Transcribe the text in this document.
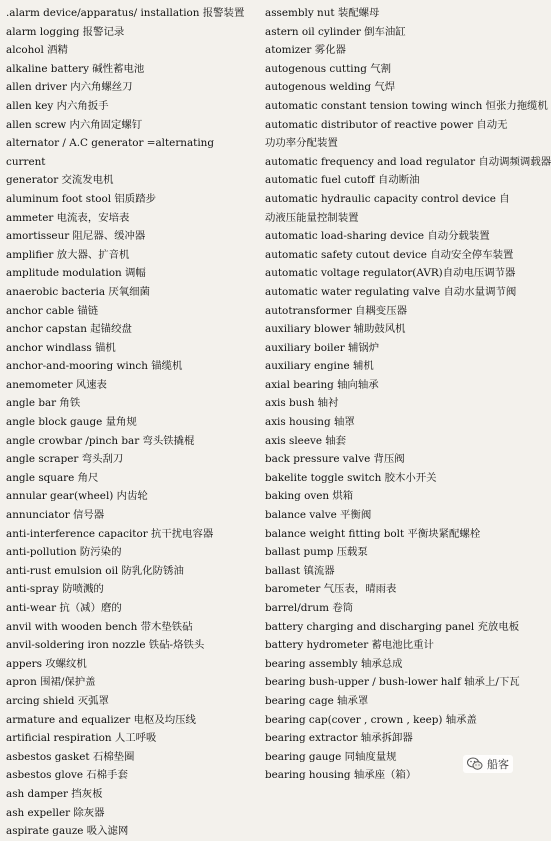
.alarm device/apparatus/ installation 报警装置
alarm logging 报警记录
alcohol 酒精
alkaline battery 碱性蓄电池
allen driver 内六角螺丝刀
allen key 内六角扳手
allen screw 内六角固定螺钉
alternator / A.C generator =alternating current
generator 交流发电机
aluminum foot stool 铝质踏步
ammeter 电流表，安培表
amortisseur 阻尼器、缓冲器
amplifier 放大器、扩音机
amplitude modulation 调幅
anaerobic bacteria 厌氧细菌
anchor cable 锚链
anchor capstan 起锚绞盘
anchor windlass 锚机
anchor-and-mooring winch 锚缆机
anemometer 风速表
angle bar 角铁
angle block gauge 量角规
angle crowbar /pinch bar 弯头铁撬棍
angle scraper 弯头刮刀
angle square 角尺
annular gear(wheel) 内齿轮
annunciator 信号器
anti-interference capacitor 抗干扰电容器
anti-pollution 防污染的
anti-rust emulsion oil 防乳化防锈油
anti-spray 防喷溅的
anti-wear 抗（减）磨的
anvil with wooden bench 带木垫铁砧
anvil-soldering iron nozzle 铁砧-烙铁头
appers 攻螺纹机
apron 围裙/保护盖
arcing shield 灭弧罩
armature and equalizer 电枢及均压线
artificial respiration 人工呼吸
asbestos gasket 石棉垫圈
asbestos glove 石棉手套
ash damper 挡灰板
ash expeller 除灰器
aspirate gauze 吸入滤网
assembly nut 装配螺母
astern oil cylinder 倒车油缸
atomizer 雾化器
autogenous cutting 气割
autogenous welding 气焊
automatic constant tension towing winch 恒张力拖缆机
automatic distributor of reactive power 自动无功功率分配装置
automatic frequency and load regulator 自动调频调载器
automatic fuel cutoff 自动断油
automatic hydraulic capacity control device 自动液压能量控制装置
automatic load-sharing device 自动分载装置
automatic safety cutout device 自动安全停车装置
automatic voltage regulator(AVR)自动电压调节器
automatic water regulating valve 自动水量调节阀
autotransformer 自耦变压器
auxiliary blower 辅助鼓风机
auxiliary boiler 辅锅炉
auxiliary engine 辅机
axial bearing 轴向轴承
axis bush 轴衬
axis housing 轴罩
axis sleeve 轴套
back pressure valve 背压阀
bakelite toggle switch 胶木小开关
baking oven 烘箱
balance valve 平衡阀
balance weight fitting bolt 平衡块紧配螺栓
ballast pump 压载泵
ballast 镇流器
barometer 气压表，晴雨表
barrel/drum 卷筒
battery charging and discharging panel 充放电板
battery hydrometer 蓄电池比重计
bearing assembly 轴承总成
bearing bush-upper / bush-lower half 轴承上/下瓦
bearing cage 轴承罩
bearing cap(cover , crown , keep) 轴承盖
bearing extractor 轴承拆卸器
bearing gauge 同轴度量规
bearing housing 轴承座（箱）
船客
